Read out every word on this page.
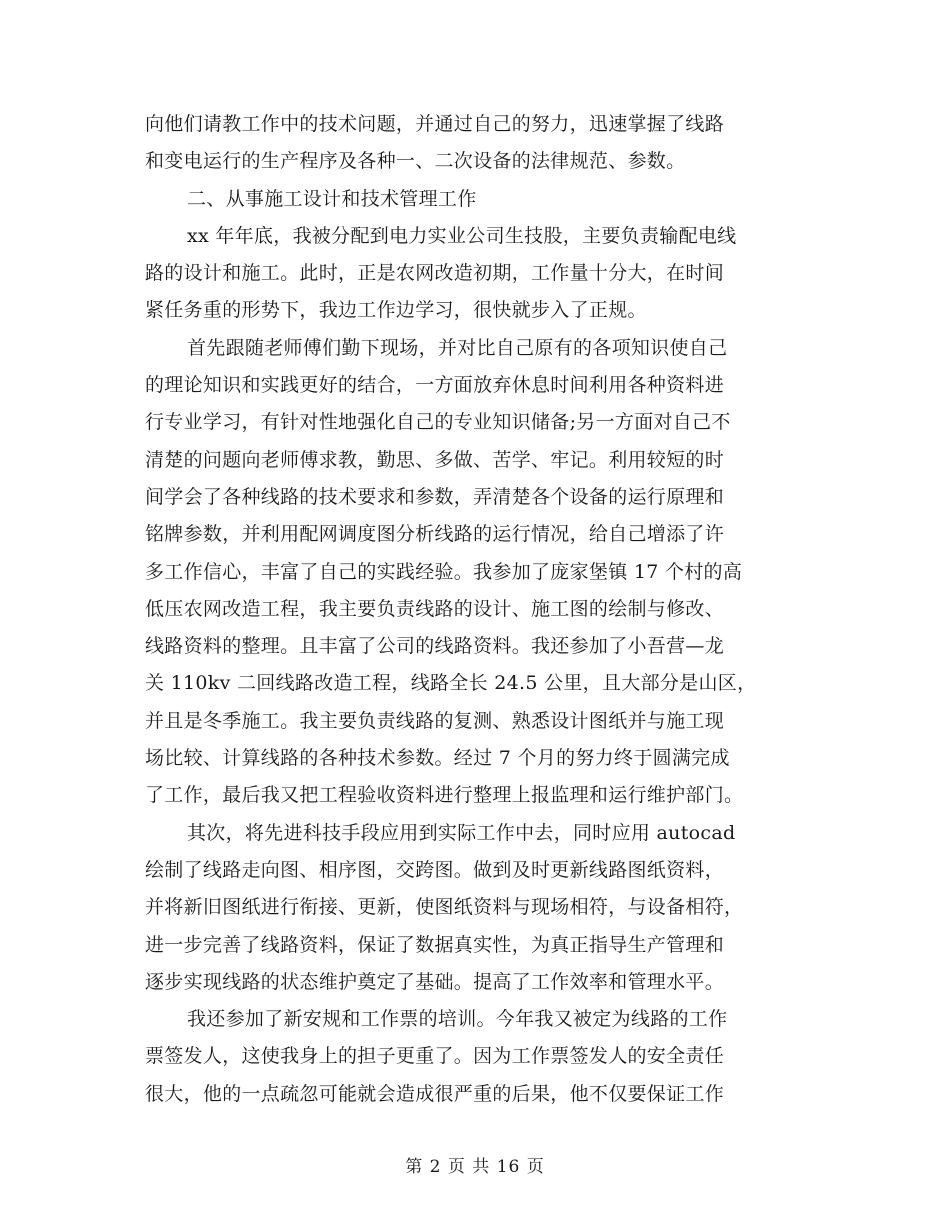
向他们请教工作中的技术问题，并通过自己的努力，迅速掌握了线路
和变电运行的生产程序及各种一、二次设备的法律规范、参数。
二、从事施工设计和技术管理工作
xx 年年底，我被分配到电力实业公司生技股，主要负责输配电线
路的设计和施工。此时，正是农网改造初期，工作量十分大，在时间
紧任务重的形势下，我边工作边学习，很快就步入了正规。
首先跟随老师傅们勤下现场，并对比自己原有的各项知识使自己
的理论知识和实践更好的结合，一方面放弃休息时间利用各种资料进
行专业学习，有针对性地强化自己的专业知识储备;另一方面对自己不
清楚的问题向老师傅求教，勤思、多做、苦学、牢记。利用较短的时
间学会了各种线路的技术要求和参数，弄清楚各个设备的运行原理和
铭牌参数，并利用配网调度图分析线路的运行情况，给自己增添了许
多工作信心，丰富了自己的实践经验。我参加了庞家堡镇 17 个村的高
低压农网改造工程，我主要负责线路的设计、施工图的绘制与修改、
线路资料的整理。且丰富了公司的线路资料。我还参加了小吾营—龙
关 110kv 二回线路改造工程，线路全长 24.5 公里，且大部分是山区，
并且是冬季施工。我主要负责线路的复测、熟悉设计图纸并与施工现
场比较、计算线路的各种技术参数。经过 7 个月的努力终于圆满完成
了工作，最后我又把工程验收资料进行整理上报监理和运行维护部门。
其次，将先进科技手段应用到实际工作中去，同时应用 autocad
绘制了线路走向图、相序图，交跨图。做到及时更新线路图纸资料，
并将新旧图纸进行衔接、更新，使图纸资料与现场相符，与设备相符，
进一步完善了线路资料，保证了数据真实性，为真正指导生产管理和
逐步实现线路的状态维护奠定了基础。提高了工作效率和管理水平。
我还参加了新安规和工作票的培训。今年我又被定为线路的工作
票签发人，这使我身上的担子更重了。因为工作票签发人的安全责任
很大，他的一点疏忽可能就会造成很严重的后果，他不仅要保证工作
第 2 页 共 16 页
